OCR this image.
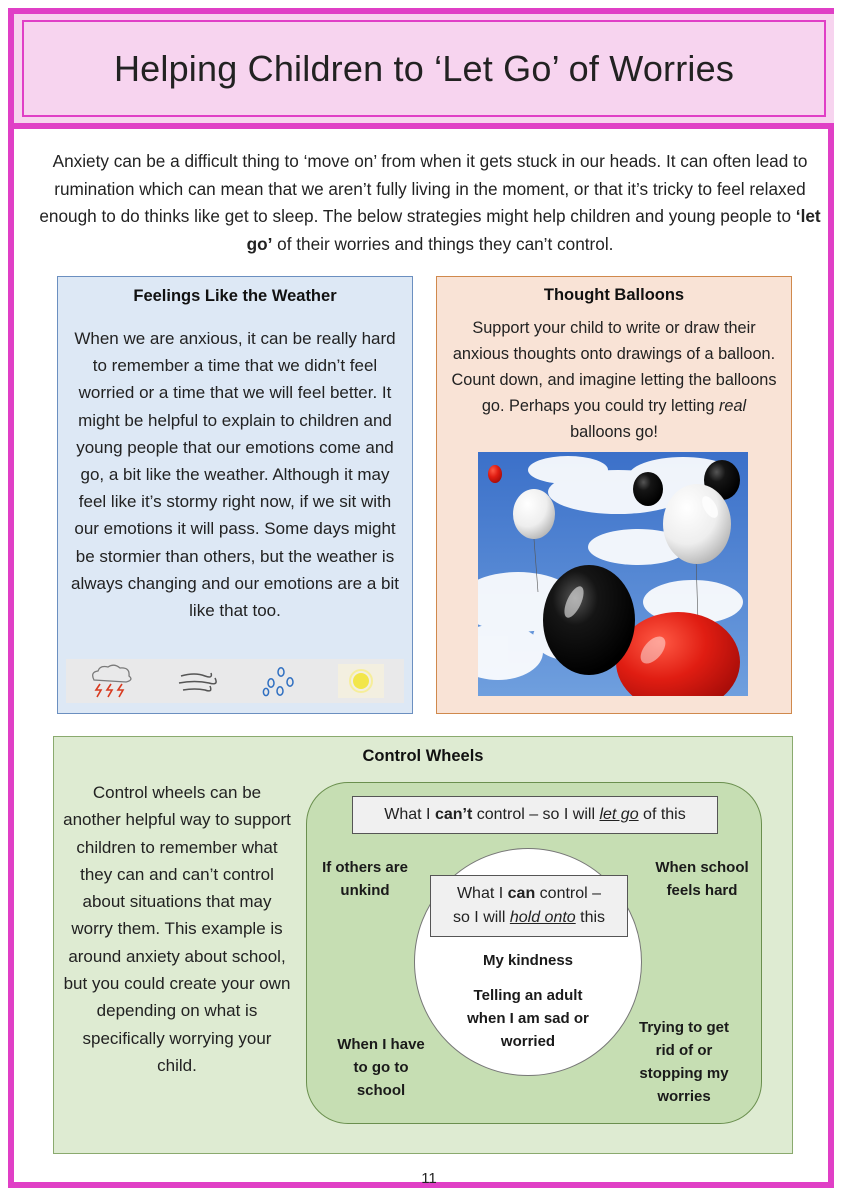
Helping Children to ‘Let Go’ of Worries
Anxiety can be a difficult thing to ‘move on’ from when it gets stuck in our heads. It can often lead to rumination which can mean that we aren’t fully living in the moment, or that it’s tricky to feel relaxed enough to do thinks like get to sleep. The below strategies might help children and young people to ‘let go’ of their worries and things they can’t control.
Feelings Like the Weather
When we are anxious, it can be really hard to remember a time that we didn’t feel worried or a time that we will feel better. It might be helpful to explain to children and young people that our emotions come and go, a bit like the weather. Although it may feel like it’s stormy right now, if we sit with our emotions it will pass. Some days might be stormier than others, but the weather is always changing and our emotions are a bit like that too.
Thought Balloons
Support your child to write or draw their anxious thoughts onto drawings of a balloon. Count down, and imagine letting the balloons go. Perhaps you could try letting real balloons go!
Control Wheels
Control wheels can be another helpful way to support children to remember what they can and can’t control about situations that may worry them. This example is around anxiety about school, but you could create your own depending on what is specifically worrying your child.
What I can’t control – so I will let go of this
If others are unkind
When school feels hard
When I have to go to school
Trying to get rid of or stopping my worries
What I can control –
so I will hold onto this
My kindness
Telling an adult when I am sad or worried
11
